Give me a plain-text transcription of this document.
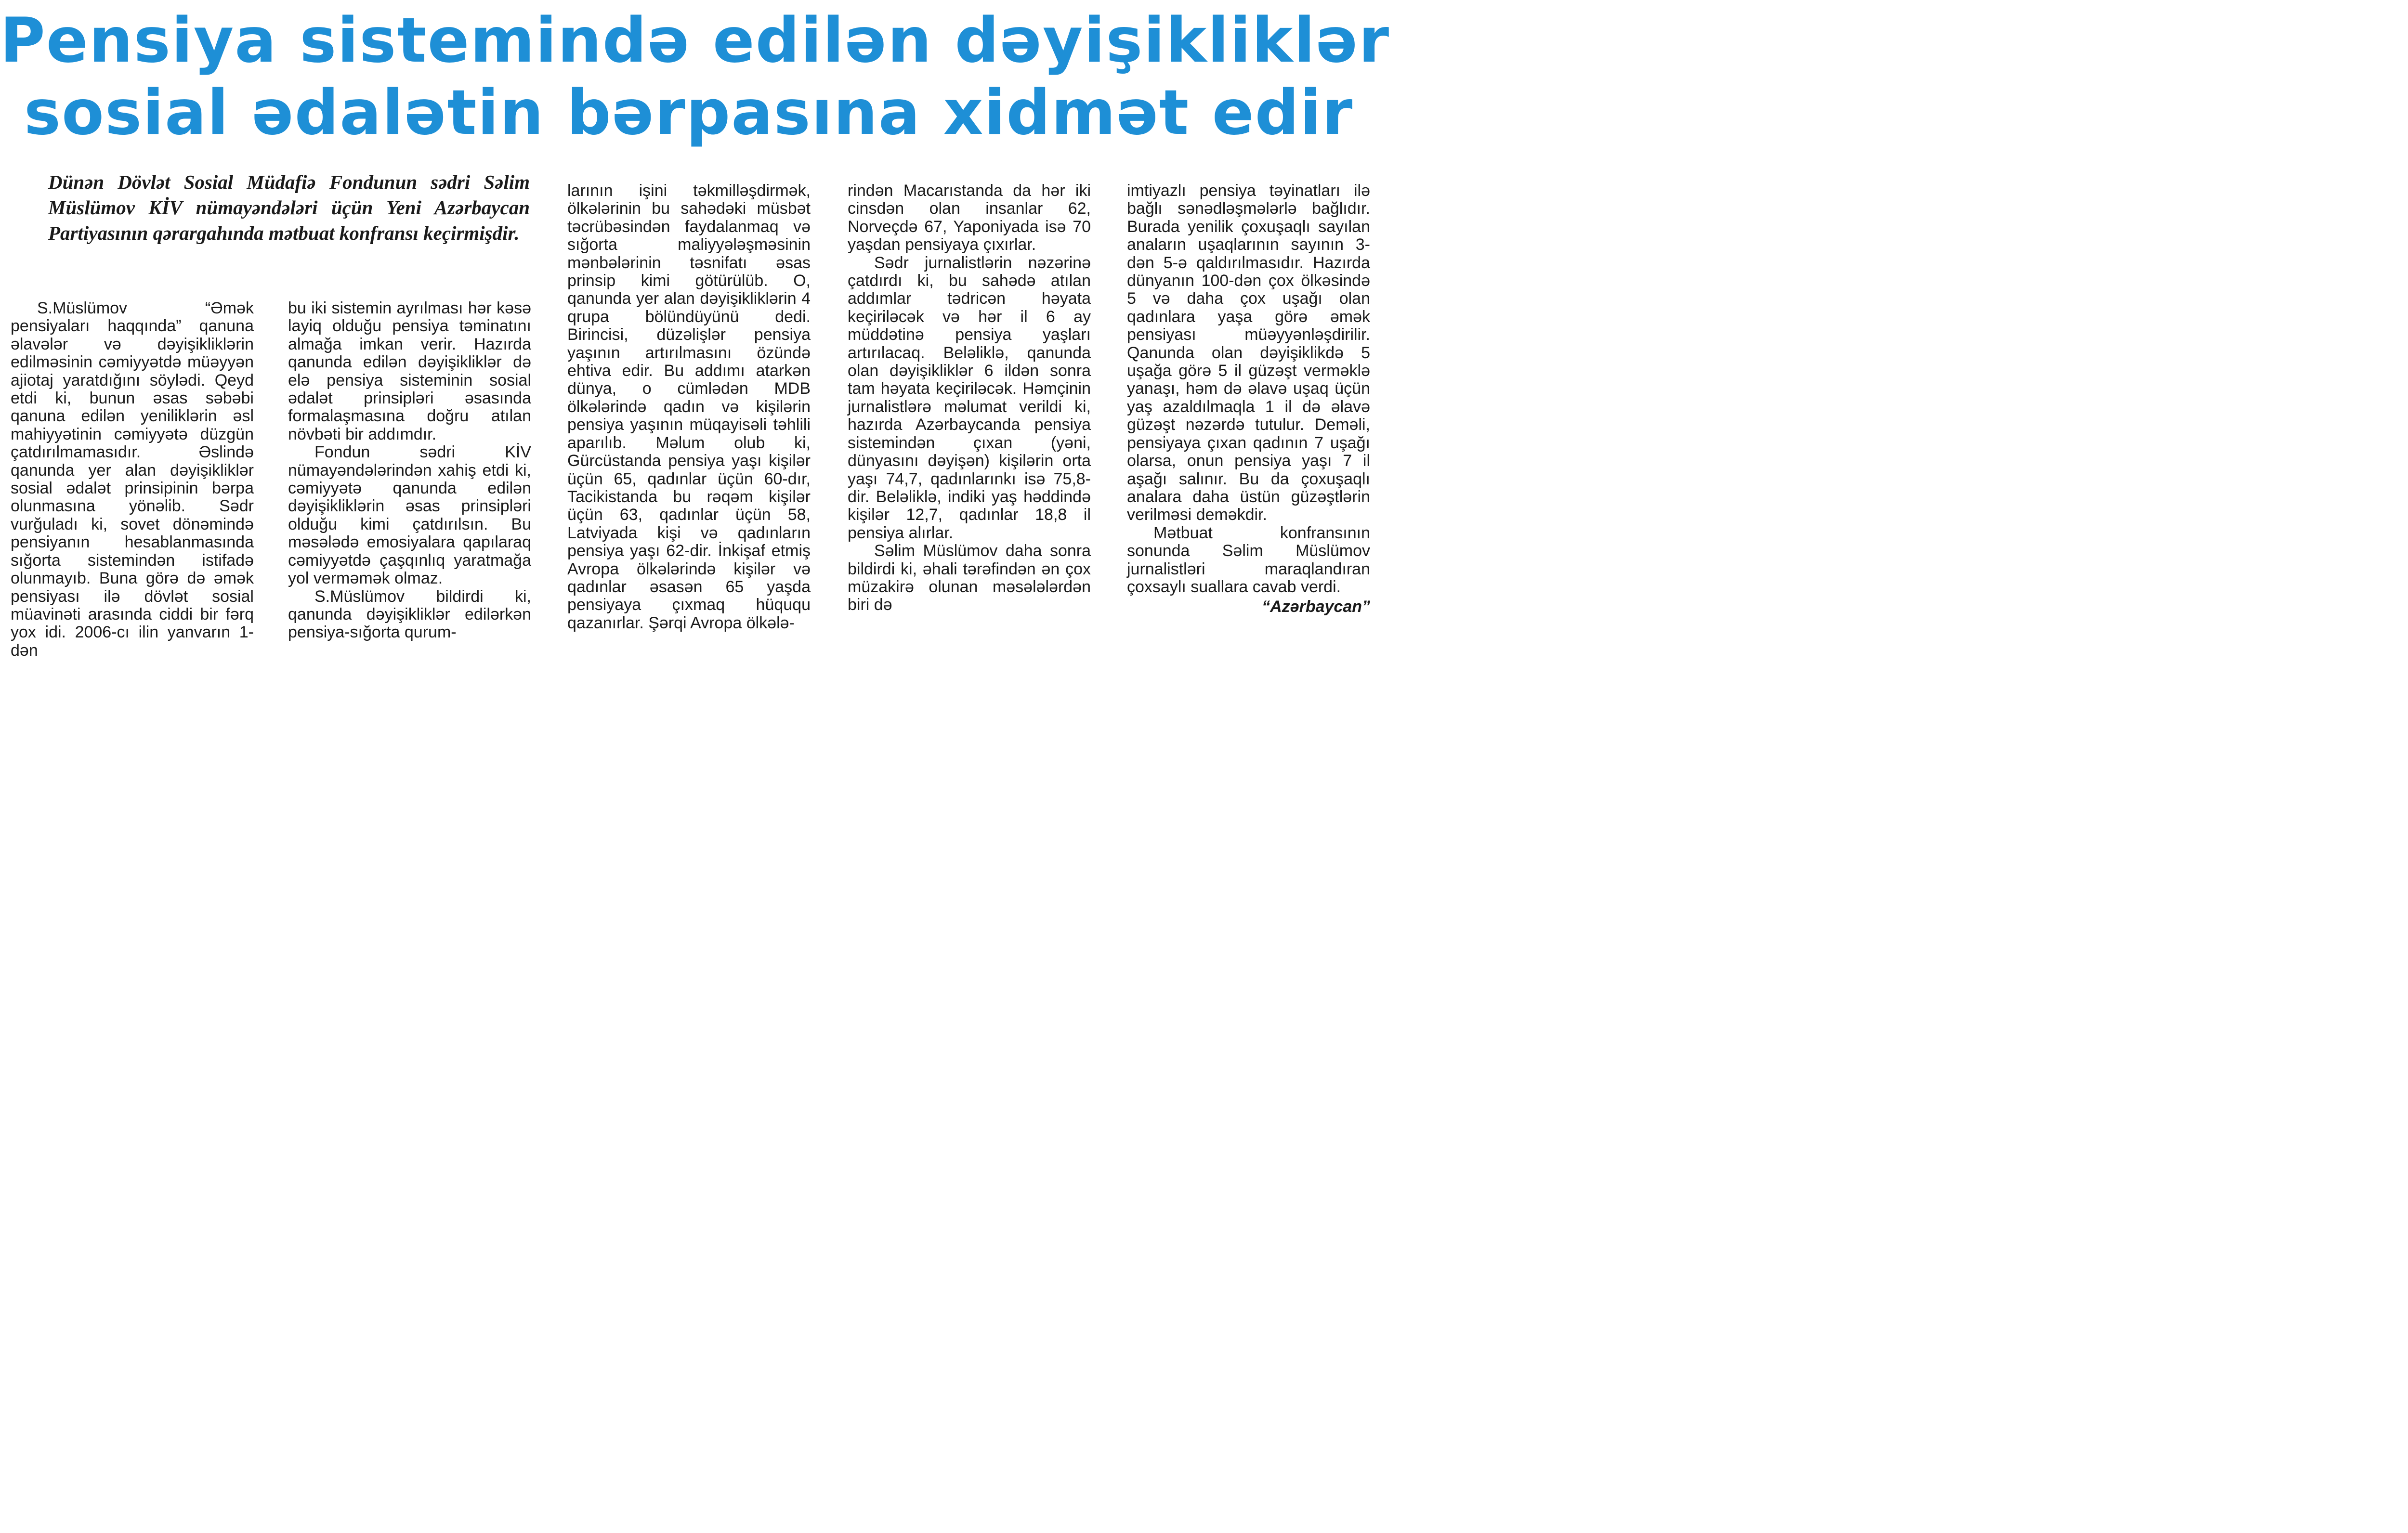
Pensiya sistemində edilən dəyişikliklər
sosial ədalətin bərpasına xidmət edir

Dünən Dövlət Sosial Müdafiə Fondunun sədri Səlim Müslümov KİV nümayəndələri üçün Yeni Azərbaycan Partiyasının qərargahında mətbuat konfransı keçirmişdir.

S.Müslümov “Əmək pensiyaları haqqında” qanuna əlavələr və dəyişikliklərin edilməsinin cəmiyyətdə müəyyən ajiotaj yaratdığını söylədi. Qeyd etdi ki, bunun əsas səbəbi qanuna edilən yeniliklərin əsl mahiyyətinin cəmiyyətə düzgün çatdırılmamasıdır. Əslində qanunda yer alan dəyişikliklər sosial ədalət prinsipinin bərpa olunmasına yönəlib. Sədr vurğuladı ki, sovet dönəmində pensiyanın hesablanmasında sığorta sistemindən istifadə olunmayıb. Buna görə də əmək pensiyası ilə dövlət sosial müavinəti arasında ciddi bir fərq yox idi. 2006-cı ilin yanvarın 1-dən

bu iki sistemin ayrılması hər kəsə layiq olduğu pensiya təminatını almağa imkan verir. Hazırda qanunda edilən dəyişikliklər də elə pensiya sisteminin sosial ədalət prinsipləri əsasında formalaşmasına doğru atılan növbəti bir addımdır.

Fondun sədri KİV nümayəndələrindən xahiş etdi ki, cəmiyyətə qanunda edilən dəyişikliklərin əsas prinsipləri olduğu kimi çatdırılsın. Bu məsələdə emosiyalara qapılaraq cəmiyyətdə çaşqınlıq yaratmağa yol verməmək olmaz.

S.Müslümov bildirdi ki, qanunda dəyişikliklər edilərkən pensiya-sığorta qurum-

larının işini təkmilləşdirmək, ölkələrinin bu sahədəki müsbət təcrübəsindən faydalanmaq və sığorta maliyyələşməsinin mənbələrinin təsnifatı əsas prinsip kimi götürülüb. O, qanunda yer alan dəyişikliklərin 4 qrupa bölündüyünü dedi. Birincisi, düzəlişlər pensiya yaşının artırılmasını özündə ehtiva edir. Bu addımı atarkən dünya, o cümlədən MDB ölkələrində qadın və kişilərin pensiya yaşının müqayisəli təhlili aparılıb. Məlum olub ki, Gürcüstanda pensiya yaşı kişilər üçün 65, qadınlar üçün 60-dır, Tacikistanda bu rəqəm kişilər üçün 63, qadınlar üçün 58, Latviyada kişi və qadınların pensiya yaşı 62-dir. İnkişaf etmiş Avropa ölkələrində kişilər və qadınlar əsasən 65 yaşda pensiyaya çıxmaq hüququ qazanırlar. Şərqi Avropa ölkələ-

rindən Macarıstanda da hər iki cinsdən olan insanlar 62, Norveçdə 67, Yaponiyada isə 70 yaşdan pensiyaya çıxırlar.

Sədr jurnalistlərin nəzərinə çatdırdı ki, bu sahədə atılan addımlar tədricən həyata keçiriləcək və hər il 6 ay müddətinə pensiya yaşları artırılacaq. Beləliklə, qanunda olan dəyişikliklər 6 ildən sonra tam həyata keçiriləcək. Həmçinin jurnalistlərə məlumat verildi ki, hazırda Azərbaycanda pensiya sistemindən çıxan (yəni, dünyasını dəyişən) kişilərin orta yaşı 74,7, qadınlarınkı isə 75,8-dir. Beləliklə, indiki yaş həddində kişilər 12,7, qadınlar 18,8 il pensiya alırlar.

Səlim Müslümov daha sonra bildirdi ki, əhali tərəfindən ən çox müzakirə olunan məsələlərdən biri də

imtiyazlı pensiya təyinatları ilə bağlı sənədləşmələrlə bağlıdır. Burada yenilik çoxuşaqlı sayılan anaların uşaqlarının sayının 3-dən 5-ə qaldırılmasıdır. Hazırda dünyanın 100-dən çox ölkəsində 5 və daha çox uşağı olan qadınlara yaşa görə əmək pensiyası müəyyənləşdirilir. Qanunda olan dəyişiklikdə 5 uşağa görə 5 il güzəşt verməklə yanaşı, həm də əlavə uşaq üçün yaş azaldılmaqla 1 il də əlavə güzəşt nəzərdə tutulur. Deməli, pensiyaya çıxan qadının 7 uşağı olarsa, onun pensiya yaşı 7 il aşağı salınır. Bu da çoxuşaqlı analara daha üstün güzəştlərin verilməsi deməkdir.

Mətbuat konfransının sonunda Səlim Müslümov jurnalistləri maraqlandıran çoxsaylı suallara cavab verdi.

“Azərbaycan”
